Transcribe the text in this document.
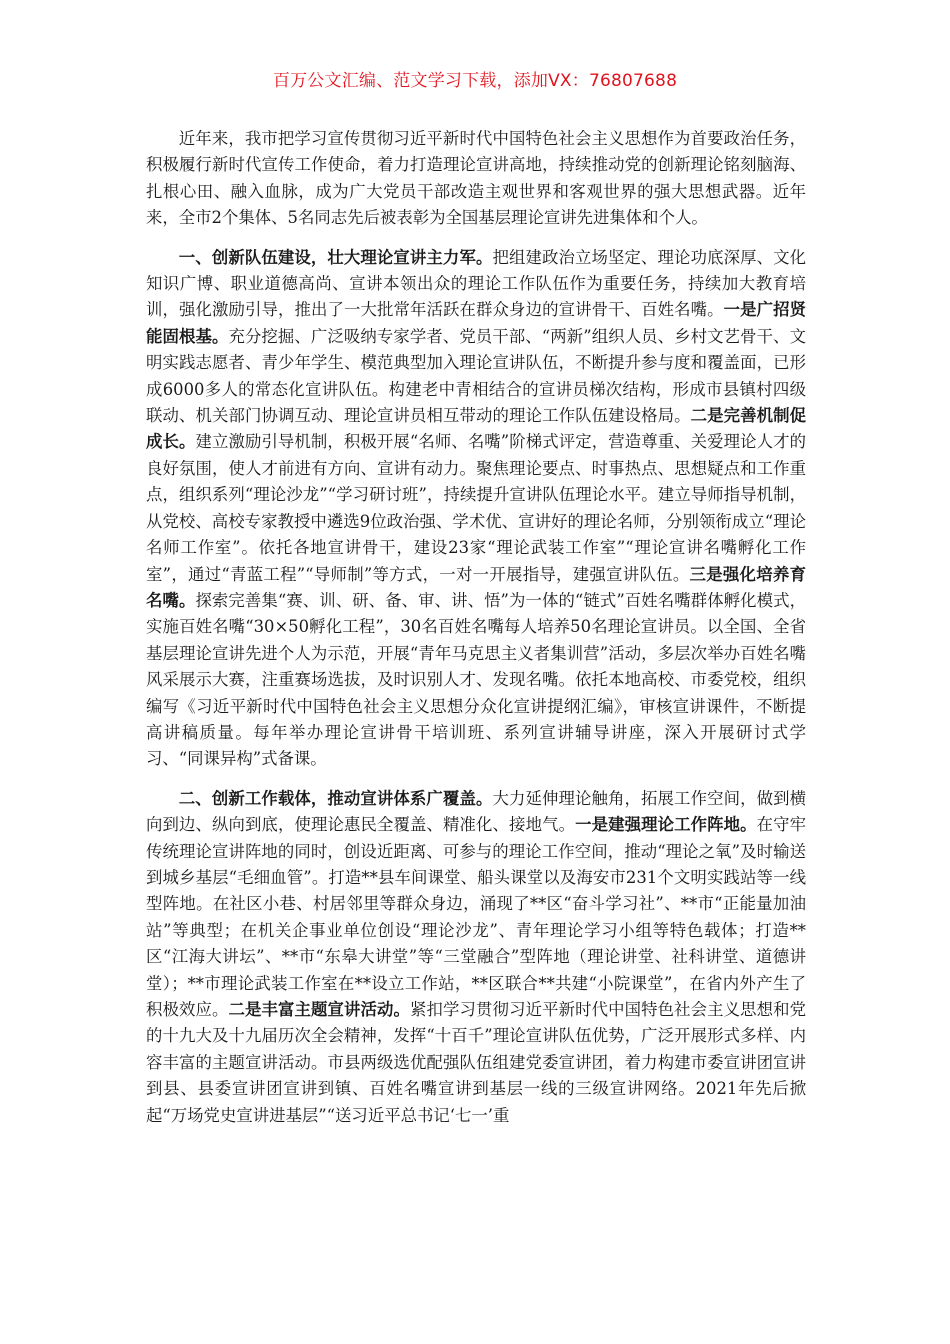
百万公文汇编、范文学习下载，添加VX：76807688

近年来，我市把学习宣传贯彻习近平新时代中国特色社会主义思想作为首要政治任务，积极履行新时代宣传工作使命，着力打造理论宣讲高地，持续推动党的创新理论铭刻脑海、扎根心田、融入血脉，成为广大党员干部改造主观世界和客观世界的强大思想武器。近年来，全市2个集体、5名同志先后被表彰为全国基层理论宣讲先进集体和个人。

一、创新队伍建设，壮大理论宣讲主力军。把组建政治立场坚定、理论功底深厚、文化知识广博、职业道德高尚、宣讲本领出众的理论工作队伍作为重要任务，持续加大教育培训，强化激励引导，推出了一大批常年活跃在群众身边的宣讲骨干、百姓名嘴。一是广招贤能固根基。充分挖掘、广泛吸纳专家学者、党员干部、“两新”组织人员、乡村文艺骨干、文明实践志愿者、青少年学生、模范典型加入理论宣讲队伍，不断提升参与度和覆盖面，已形成6000多人的常态化宣讲队伍。构建老中青相结合的宣讲员梯次结构，形成市县镇村四级联动、机关部门协调互动、理论宣讲员相互带动的理论工作队伍建设格局。二是完善机制促成长。建立激励引导机制，积极开展“名师、名嘴”阶梯式评定，营造尊重、关爱理论人才的良好氛围，使人才前进有方向、宣讲有动力。聚焦理论要点、时事热点、思想疑点和工作重点，组织系列“理论沙龙”“学习研讨班”，持续提升宣讲队伍理论水平。建立导师指导机制，从党校、高校专家教授中遴选9位政治强、学术优、宣讲好的理论名师，分别领衔成立“理论名师工作室”。依托各地宣讲骨干，建设23家“理论武装工作室”“理论宣讲名嘴孵化工作室”，通过“青蓝工程”“导师制”等方式，一对一开展指导，建强宣讲队伍。三是强化培养育名嘴。探索完善集“赛、训、研、备、审、讲、悟”为一体的“链式”百姓名嘴群体孵化模式，实施百姓名嘴“30×50孵化工程”，30名百姓名嘴每人培养50名理论宣讲员。以全国、全省基层理论宣讲先进个人为示范，开展“青年马克思主义者集训营”活动，多层次举办百姓名嘴风采展示大赛，注重赛场选拔，及时识别人才、发现名嘴。依托本地高校、市委党校，组织编写《习近平新时代中国特色社会主义思想分众化宣讲提纲汇编》，审核宣讲课件，不断提高讲稿质量。每年举办理论宣讲骨干培训班、系列宣讲辅导讲座，深入开展研讨式学习、“同课异构”式备课。

二、创新工作载体，推动宣讲体系广覆盖。大力延伸理论触角，拓展工作空间，做到横向到边、纵向到底，使理论惠民全覆盖、精准化、接地气。一是建强理论工作阵地。在守牢传统理论宣讲阵地的同时，创设近距离、可参与的理论工作空间，推动“理论之氧”及时输送到城乡基层“毛细血管”。打造**县车间课堂、船头课堂以及海安市231个文明实践站等一线型阵地。在社区小巷、村居邻里等群众身边，涌现了**区“奋斗学习社”、**市“正能量加油站”等典型；在机关企事业单位创设“理论沙龙”、青年理论学习小组等特色载体；打造**区“江海大讲坛”、**市“东皋大讲堂”等“三堂融合”型阵地（理论讲堂、社科讲堂、道德讲堂）；**市理论武装工作室在**设立工作站，**区联合**共建“小院课堂”，在省内外产生了积极效应。二是丰富主题宣讲活动。紧扣学习贯彻习近平新时代中国特色社会主义思想和党的十九大及十九届历次全会精神，发挥“十百千”理论宣讲队伍优势，广泛开展形式多样、内容丰富的主题宣讲活动。市县两级选优配强队伍组建党委宣讲团，着力构建市委宣讲团宣讲到县、县委宣讲团宣讲到镇、百姓名嘴宣讲到基层一线的三级宣讲网络。2021年先后掀起“万场党史宣讲进基层”“送习近平总书记‘七一’重
